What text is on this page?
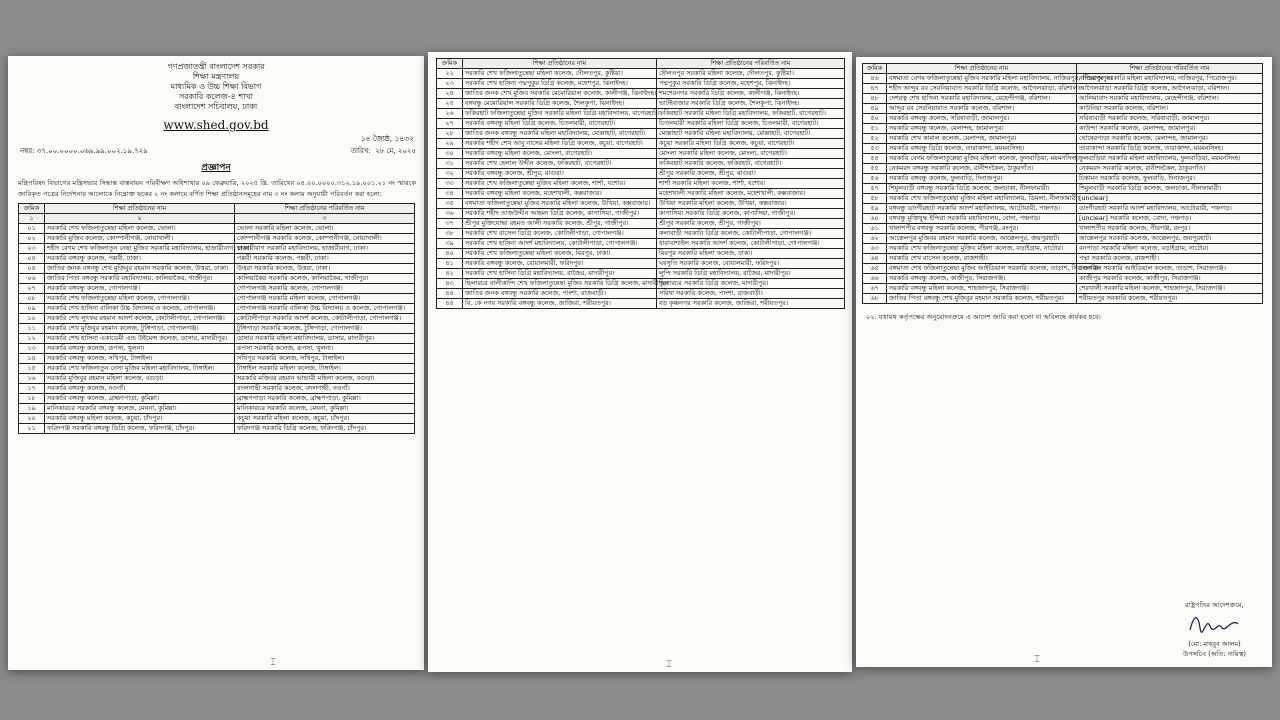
গণপ্রজাতন্ত্রী বাংলাদেশ সরকার
শিক্ষা মন্ত্রণালয়
মাধ্যমিক ও উচ্চ শিক্ষা বিভাগ
সরকারি কলেজ-৪ শাখা
বাংলাদেশ সচিবালয়, ঢাকা
www.shed.gov.bd
১৪ জ্যৈষ্ঠ, ১৪৩২
নম্বর: ৩৭.০০.০০০০.০৬৯.৯৯.০০২.১৯.৭২৯	তারিখ: ২৮ মে, ২০২৫
প্রজ্ঞাপন
মন্ত্রিপরিষদ বিভাগের মন্ত্রিসভার সিদ্ধান্ত বাস্তবায়ন পরিবীক্ষণ অধিশাখার ০৯ ফেব্রুয়ারি, ২০২৫ খ্রি. তারিখের ০৪.০০.০০০০.৩১২.১৯.০০১.২১ নং স্মারকে জারিকৃত পত্রের নির্দেশনার আলোকে নিম্নোক্ত ছকের ২ নং কলামে বর্ণিত শিক্ষা প্রতিষ্ঠানসমূহের নাম ৩ নং কলাম অনুযায়ী পরিবর্তন করা হলো:
ক্রমিক	শিক্ষা প্রতিষ্ঠানের নাম	শিক্ষা প্রতিষ্ঠানের পরিবর্তিত নাম
১	২	৩
০১	সরকারি শেখ ফজিলাতুন্নেছা মহিলা কলেজ, ভোলা।	ভোলা সরকারি মহিলা কলেজ, ভোলা।
০২	সরকারি মুজিব কলেজ, কোম্পানীগঞ্জ, নোয়াখালী।	কোম্পানীগঞ্জ সরকারি কলেজ, কোম্পানীগঞ্জ, নোয়াখালী।
০৩	শহীদ বেগম শেখ ফজিলাতুন নেছা মুজিব সরকারি মহাবিদ্যালয়, হাজারীবাগ, ঢাকা।	হাজারীবাগ সরকারি মহাবিদ্যালয়, হাজারীবাগ, ঢাকা।
০৪	সরকারি বঙ্গবন্ধু কলেজ, পল্লবী, ঢাকা।	পল্লবী সরকারি কলেজ, পল্লবী, ঢাকা।
০৫	জাতির জনক বঙ্গবন্ধু শেখ মুজিবুর রহমান সরকারি কলেজ, উত্তরা, ঢাকা।	উত্তরা সরকারি কলেজ, উত্তরা, ঢাকা।
০৬	জাতির পিতা বঙ্গবন্ধু সরকারি মহাবিদ্যালয়, কালিয়াকৈর, গাজীপুর।	কালিয়াকৈর সরকারি কলেজ, কালিয়াকৈর, গাজীপুর।
০৭	সরকারি বঙ্গবন্ধু কলেজ, গোপালগঞ্জ।	গোপালগঞ্জ সরকারি কলেজ, গোপালগঞ্জ।
০৮	সরকারি শেখ ফজিলাতুন্নেছা মহিলা কলেজ, গোপালগঞ্জ।	গোপালগঞ্জ সরকারি মহিলা কলেজ, গোপালগঞ্জ।
০৯	সরকারি শেখ হাসিনা বালিকা উচ্চ বিদ্যালয় ও কলেজ, গোপালগঞ্জ।	গোপালগঞ্জ সরকারি বালিকা উচ্চ বিদ্যালয় ও কলেজ, গোপালগঞ্জ।
১০	সরকারি শেখ লুৎফর রহমান আদর্শ কলেজ, কোটালীপাড়া, গোপালগঞ্জ।	কোটালীপাড়া সরকারি আদর্শ কলেজ, কোটালীপাড়া, গোপালগঞ্জ।
১১	সরকারি শেখ মুজিবুর রহমান কলেজ, টুঙ্গিপাড়া, গোপালগঞ্জ।	টুঙ্গিপাড়া সরকারি কলেজ, টুঙ্গিপাড়া, গোপালগঞ্জ।
১২	সরকারি শেখ হাসিনা একাডেমী এন্ড উইমেন্স কলেজ, ডাসার, মাদারীপুর।	ডাসার সরকারি মহিলা মহাবিদ্যালয়, ডাসার, মাদারীপুর।
১৩	সরকারি বঙ্গবন্ধু কলেজ, রূপসা, খুলনা।	রূপসা সরকারি কলেজ, রূপসা, খুলনা।
১৪	সরকারি বঙ্গবন্ধু কলেজ, সখিপুর, টাঙ্গাইল।	সখিপুর সরকারি কলেজ, সখিপুর, টাঙ্গাইল।
১৫	সরকারি শেখ ফজিলাতুন নেসা মুজিব মহিলা মহাবিদ্যালয়, টাঙ্গাইল।	টাঙ্গাইল সরকারি মহিলা কলেজ, টাঙ্গাইল।
১৬	সরকারি মুজিবুর রহমান মহিলা কলেজ, বগুড়া।	সরকারি মজিবর রহমান ভান্ডারী মহিলা কলেজ, বগুড়া।
১৭	সরকারি বঙ্গবন্ধু কলেজ, নওগাঁ।	বদলগাছী সরকারি কলেজ, বদলগাছী, নওগাঁ।
১৮	সরকারি বঙ্গবন্ধু কলেজ, ব্রাহ্মণপাড়া, কুমিল্লা।	ব্রাহ্মণপাড়া সরকারি কলেজ, ব্রাহ্মণপাড়া, কুমিল্লা।
১৯	মানিকারচর সরকারি বঙ্গবন্ধু কলেজ, মেঘনা, কুমিল্লা।	মানিকারচর সরকারি কলেজ, মেঘনা, কুমিল্লা।
২০	সরকারি বঙ্গবন্ধু মহিলা কলেজ, কচুয়া, চাঁদপুর।	কচুয়া সরকারি মহিলা কলেজ, কচুয়া, চাঁদপুর।
২১	ফরিদগঞ্জ সরকারি বঙ্গবন্ধু ডিগ্রি কলেজ, ফরিদগঞ্জ, চাঁদপুর।	ফরিদগঞ্জ সরকারি ডিগ্রি কলেজ, ফরিদগঞ্জ, চাঁদপুর।
⌶
ক্রমিক	শিক্ষা প্রতিষ্ঠানের নাম	শিক্ষা প্রতিষ্ঠানের পরিবর্তিত নাম
২২	সরকারি শেখ ফজিলাতুন্নেছা মহিলা কলেজ, দৌলতপুর, কুষ্টিয়া।	দৌলতপুর সরকারি মহিলা কলেজ, দৌলতপুর, কুষ্টিয়া।
২৩	সরকারি শেখ হাসিনা পদ্মপুকুর ডিগ্রি কলেজ, মহেশপুর, ঝিনাইদহ।	পদ্মপুকুর সরকারি ডিগ্রি কলেজ, মহেশপুর, ঝিনাইদহ।
২৪	জাতির জনক শেখ মুজিব সরকারি মেমোরিয়াল কলেজ, কালীগঞ্জ, ঝিনাইদহ।	শমশেরনগর সরকারি ডিগ্রি কলেজ, কালীগঞ্জ, ঝিনাইদহ।
২৫	বঙ্গবন্ধু মেমোরিয়াল সরকারি ডিগ্রি কলেজ, শৈলকুপা, ঝিনাইদহ।	ভাটইবাজার সরকারি ডিগ্রি কলেজ, শৈলকুপা, ঝিনাইদহ।
২৬	ফকিরহাট ফজিলাতুন্নেছা মুজিব সরকারি মহিলা ডিগ্রি মহাবিদ্যালয়, বাগেরহাট।	ফকিরহাট সরকারি মহিলা ডিগ্রি মহাবিদ্যালয়, ফকিরহাট, বাগেরহাট।
২৭	সরকারি বঙ্গবন্ধু মহিলা ডিগ্রি কলেজ, চিতলমারী, বাগেরহাট।	চিতলমারী সরকারি মহিলা ডিগ্রি কলেজ, চিতলমারী, বাগেরহাট।
২৮	জাতির জনক বঙ্গবন্ধু সরকারি মহিলা মহাবিদ্যালয়, মোল্লাহাট, বাগেরহাট।	মোল্লাহাট সরকারি মহিলা মহাবিদ্যালয়, মোল্লাহাট, বাগেরহাট।
২৯	সরকারি শহীদ শেখ আবু নাসের মহিলা ডিগ্রি কলেজ, কচুয়া, বাগেরহাট।	কচুয়া সরকারি মহিলা ডিগ্রি কলেজ, কচুয়া, বাগেরহাট।
৩০	সরকারি বঙ্গবন্ধু মহিলা কলেজ, মোংলা, বাগেরহাট।	মোংলা সরকারি মহিলা কলেজ, মোংলা, বাগেরহাট।
৩১	সরকারি শেখ হেলাল উদ্দীন কলেজ, ফকিরহাট, বাগেরহাট।	ফকিরহাট সরকারি কলেজ, ফকিরহাট, বাগেরহাট।
৩২	সরকারি বঙ্গবন্ধু কলেজ, শ্রীপুর, মাগুরা।	শ্রীপুর সরকারি কলেজ, শ্রীপুর, মাগুরা।
৩৩	সরকারি শেখ ফজিলাতুন্নেছা মুজিব মহিলা কলেজ, শার্শা, যশোর।	শার্শা সরকারি মহিলা কলেজ, শার্শা, যশোর।
৩৪	সরকারি বঙ্গবন্ধু মহিলা কলেজ, মহেশখালী, কক্সবাজার।	মহেশখালী সরকারি মহিলা কলেজ, মহেশখালী, কক্সবাজার।
৩৫	বঙ্গমাতা ফজিলাতুন্নেছা মুজিব সরকারি মহিলা কলেজ, উখিয়া, কক্সবাজার।	উখিয়া সরকারি মহিলা কলেজ, উখিয়া, কক্সবাজার।
৩৬	সরকারি শহীদ তাজউদ্দীন আহমদ ডিগ্রি কলেজ, কাপাসিয়া, গাজীপুর।	কাপাসিয়া সরকারি ডিগ্রি কলেজ, কাপাসিয়া, গাজীপুর।
৩৭	শ্রীপুর মুক্তিযোদ্ধা রহমত আলী সরকারি কলেজ, শ্রীপুর, গাজীপুর।	শ্রীপুর সরকারি কলেজ, শ্রীপুর, গাজীপুর।
৩৮	সরকারি শেখ রাসেল ডিগ্রি কলেজ, কোটালীপাড়া, গোপালগঞ্জ।	কলাবাড়ী সরকারি ডিগ্রি কলেজ, কোটালীপাড়া, গোপালগঞ্জ।
৩৯	সরকারি শেখ হাসিনা আদর্শ মহাবিদ্যালয়, কোটালীপাড়া, গোপালগঞ্জ।	ধারাবাশাইল সরকারি আদর্শ কলেজ, কোটালীপাড়া, গোপালগঞ্জ।
৪০	সরকারি শেখ ফজিলাতুন্নেছা মহিলা কলেজ, মিরপুর, ঢাকা।	মিরপুর সরকারি মহিলা কলেজ, ঢাকা।
৪১	সরকারি বঙ্গবন্ধু কলেজ, বোয়ালমারী, ফরিদপুর।	ঘরসুতি সরকারি কলেজ, বোয়ালমারী, ফরিদপুর।
৪২	সরকারি শেখ হাসিনা ডিগ্রি মহাবিদ্যালয়, রাজৈর, মাদারীপুর।	লুন্দি সরকারি ডিগ্রি মহাবিদ্যালয়, রাজৈর, মাদারীপুর।
৪৩	ছিলারচর বালীকান্দি শেখ ফজিলাতুন্নেছা মুজিব সরকারি ডিগ্রি কলেজ, মাদারীপুর।	ছিলারচর সরকারি ডিগ্রি কলেজ, মাদারীপুর।
৪৪	জাতির জনক বঙ্গবন্ধু সরকারি কলেজ, পাংশা, রাজবাড়ী।	সরিষা সরকারি কলেজ, পাংশা, রাজবাড়ী।
৪৫	বি. কে নগর সরকারি বঙ্গবন্ধু কলেজ, জাজিরা, শরীয়তপুর।	বড় কৃষ্ণনগর সরকারি কলেজ, জাজিরা, শরীয়তপুর।
⌶
ক্রমিক	শিক্ষা প্রতিষ্ঠানের নাম	শিক্ষা প্রতিষ্ঠানের পরিবর্তিত নাম
৪৬	বঙ্গমাতা বেগম ফজিলাতুন্নেছা মুজিব সরকারি মহিলা মহাবিদ্যালয়, নাজিরপুর, পিরোজপুর।	নাজিরপুর সরকারি মহিলা মহাবিদ্যালয়, নাজিরপুর, পিরোজপুর।
৪৭	শহীদ আব্দুর রব সেরনিয়াবাত সরকারি ডিগ্রি কলেজ, আগৈলঝাড়া, বরিশাল।	আগৈলঝাড়া সরকারি ডিগ্রি কলেজ, আগৈলঝাড়া, বরিশাল।
৪৮	দেশরত্ন শেখ হাসিনা সরকারি মহাবিদ্যালয়, মেহেন্দীগঞ্জ, বরিশাল।	আলিমাবাদ সরকারি মহাবিদ্যালয়, মেহেন্দীগঞ্জ, বরিশাল।
৪৯	আব্দুর রব সেরনিয়াবাত সরকারি কলেজ, বরিশাল।	কাউনিয়া সরকারি কলেজ, বরিশাল।
৫০	সরকারি বঙ্গবন্ধু কলেজ, সরিষাবাড়ী, জামালপুর।	সরিষাবাড়ী সরকারি কলেজ, সরিষাবাড়ী, জামালপুর।
৫১	সরকারি বঙ্গবন্ধু কলেজ, মেলান্দহ, জামালপুর।	কাউন্দা সরকারি কলেজ, মেলান্দহ, জামালপুর।
৫২	সরকারি শেখ কামাল কলেজ, মেলান্দহ, জামালপুর।	ঘোষেরপাড়া সরকারি কলেজ, মেলান্দহ, জামালপুর।
৫৩	সরকারি বঙ্গবন্ধু ডিগ্রি কলেজ, তারাকান্দা, ময়মনসিংহ।	তারাকান্দা সরকারি ডিগ্রি কলেজ, তারাকান্দা, ময়মনসিংহ।
৫৪	সরকারি বেগম ফজিলাতুন্নেছা মুজিব মহিলা কলেজ, ফুলবাড়িয়া, ময়মনসিংহ।	ফুলবাড়িয়া সরকারি মহিলা মহাবিদ্যালয়, ফুলবাড়িয়া, ময়মনসিংহ।
৫৫	নেকমরদ বঙ্গবন্ধু সরকারি কলেজ, রানীশংকৈল, ঠাকুরগাঁও।	নেকমরদ সরকারি কলেজ, রানীশংকৈল, ঠাকুরগাঁও।
৫৬	সরকারি বঙ্গবন্ধু কলেজ, ফুলবাড়ি, দিনাজপুর।	চিন্তামন সরকারি কলেজ, ফুলবাড়ি, দিনাজপুর।
৫৭	শিমুলবাড়ী বঙ্গবন্ধু সরকারি ডিগ্রি কলেজ, জলঢাকা, নীলফামারী।	শিমুলবাড়ী সরকারি ডিগ্রি কলেজ, জলঢাকা, নীলফামারী।
৫৮	সরকারি শেখ ফজিলাতুন্নেছা মুজিব মহিলা মহাবিদ্যালয়, ডিমলা, নীলফামারী।	[unclear]
৫৯	বঙ্গবন্ধু ডাংগীরহাট সরকারি আদর্শ মহাবিদ্যালয়, আটোয়ারী, পঞ্চগড়।	ডাংগীরহাট সরকারি আদর্শ মহাবিদ্যালয়, আটোয়ারী, পঞ্চগড়।
৬০	বঙ্গবন্ধু মুক্তিযুদ্ধ ইন্দিরা সরকারি মহাবিদ্যালয়, বোদা, পঞ্চগড়।	[unclear] সরকারি কলেজ, বোদা, পঞ্চগড়।
৬১	খালাশপীর বঙ্গবন্ধু সরকারি কলেজ, পীরগঞ্জ, রংপুর।	খালাশপীর সরকারি কলেজ, পীরগঞ্জ, রংপুর।
৬২	আক্কেলপুর মুজিবর রহমান সরকারি কলেজ, আক্কেলপুর, জয়পুরহাট।	আক্কেলপুর সরকারি কলেজ, আক্কেলপুর, জয়পুরহাট।
৬৩	সরকারি শেখ ফজিলাতুন্নেছা মুজিব মহিলা কলেজ, বড়াইগ্রাম, নাটোর।	বনপাড়া সরকারি মহিলা কলেজ, বড়াইগ্রাম, নাটোর।
৬৪	সরকারি শেখ রাসেল কলেজ, রাজশাহী।	পদ্মা সরকারি কলেজ, রাজশাহী।
৬৫	বঙ্গমাতা শেখ ফজিলাতুন্নেছা মুজিব আইডিয়াল সরকারি কলেজ, তাড়াশ, সিরাজগঞ্জ।	চলনবিল সরকারি আইডিয়াল কলেজ, তাড়াশ, সিরাজগঞ্জ।
৬৬	সরকারি বঙ্গবন্ধু কলেজ, কাজীপুর, সিরাজগঞ্জ।	কাজীপুর সরকারি কলেজ, কাজীপুর, সিরাজগঞ্জ।
৬৭	সরকারি বঙ্গবন্ধু মহিলা কলেজ, শাহজাদপুর, সিরাজগঞ্জ।	শেরখালী সরকারি মহিলা কলেজ, শাহজাদপুর, সিরাজগঞ্জ।
৬৮	জাতির পিতা বঙ্গবন্ধু শেখ মুজিবুর রহমান সরকারি কলেজ, শরীয়তপুর।	শরীয়তপুর সরকারি কলেজ, শরীয়তপুর।
০২. যথাযথ কর্তৃপক্ষের অনুমোদনক্রমে এ আদেশ জারি করা হলো যা অবিলম্বে কার্যকর হবে।
রাষ্ট্রপতির আদেশক্রমে,
(মো: মাহবুব আলম)
উপসচিব (অতি: দায়িত্ব)
⌶
